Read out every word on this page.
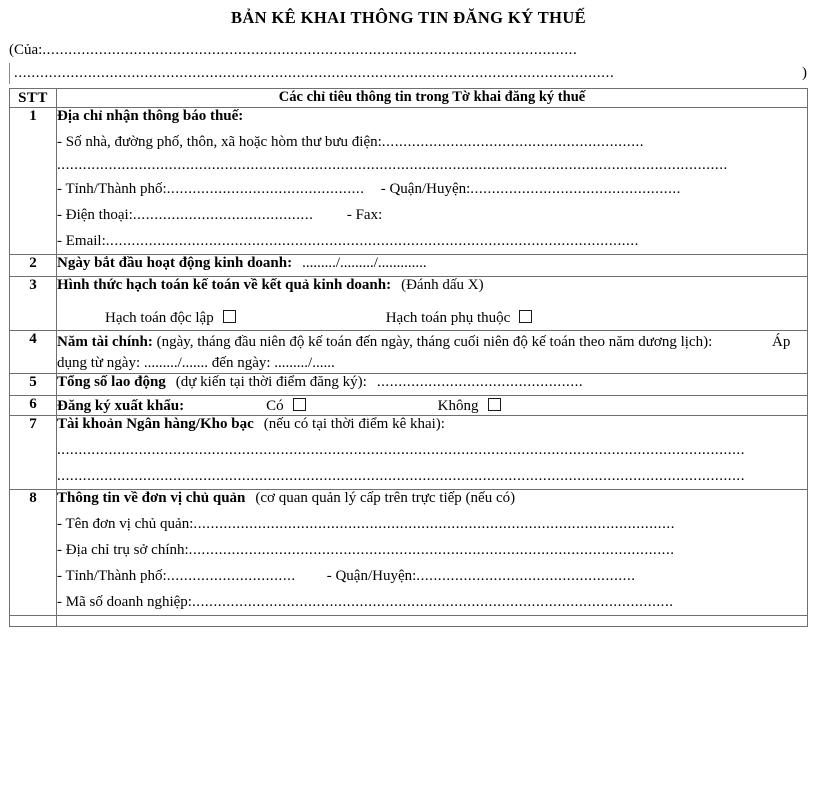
BẢN KÊ KHAI THÔNG TIN ĐĂNG KÝ THUẾ
(Của: ...........................................................................................................................
..........................................................................................................................................	)
STT	Các chỉ tiêu thông tin trong Tờ khai đăng ký thuế
1	Địa chỉ nhận thông báo thuế:
- Số nhà, đường phố, thôn, xã hoặc hòm thư bưu điện: .............................................................
............................................................................................................................................................
- Tỉnh/Thành phố: ..............................................	- Quận/Huyện: .................................................
- Điện thoại: ..........................................	- Fax:
- Email: ............................................................................................................................

2	Ngày bắt đầu hoạt động kinh doanh: ........./........./.............

3	Hình thức hạch toán kế toán về kết quả kinh doanh: (Đánh dấu X)
Hạch toán độc lập Hạch toán phụ thuộc

4	Năm tài chính: (ngày, tháng đầu niên độ kế toán đến ngày, tháng cuối niên độ kế toán theo năm dương lịch): Áp dụng từ ngày: ........./....... đến ngày: ........./......

5	Tổng số lao động (dự kiến tại thời điểm đăng ký): ................................................

6	Đăng ký xuất khẩu: Có Không

7	Tài khoản Ngân hàng/Kho bạc (nếu có tại thời điểm kê khai):
................................................................................................................................................................
................................................................................................................................................................

8	Thông tin về đơn vị chủ quản (cơ quan quản lý cấp trên trực tiếp (nếu có)
- Tên đơn vị chủ quản: ................................................................................................................
- Địa chỉ trụ sở chính: .................................................................................................................
- Tỉnh/Thành phố: ..............................	- Quận/Huyện: ...................................................
- Mã số doanh nghiệp: ................................................................................................................
